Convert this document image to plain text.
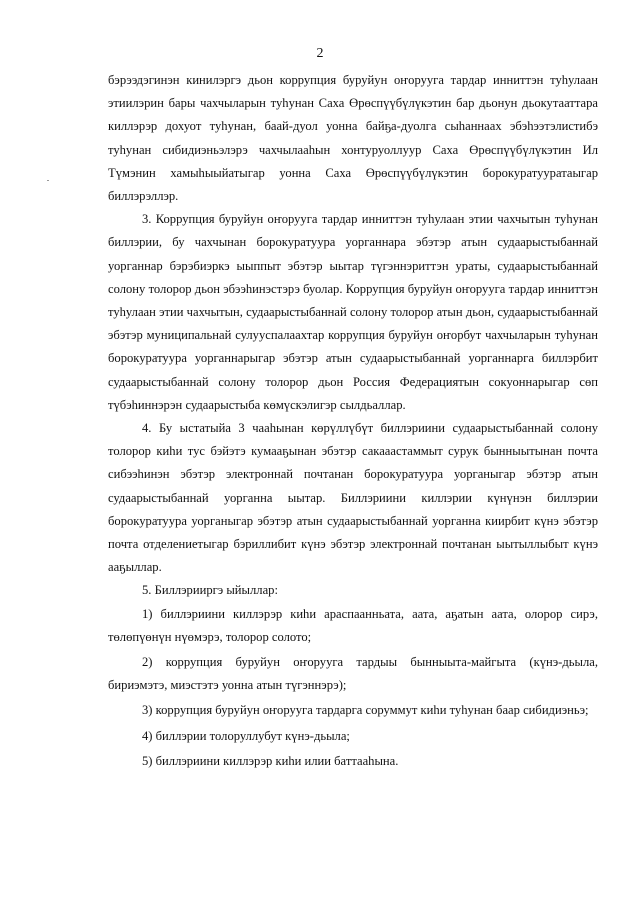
2

бэрээдэгинэн кинилэргэ дьон коррупция буруйун оҥорууга тардар инниттэн туһулаан этиилэрин бары чахчыларын туһунан Саха Өрөспүүбүлүкэтин бар дьонун дьокутааттара киллэрэр дохуот туһунан, баай-дуол уонна байҕа-дуолга сыһаннаах эбэһээтэлистибэ туһунан сибидиэньэлэрэ чахчылааһын хонтуруоллуур Саха Өрөспүүбүлүкэтин Ил Түмэнин хамыһыыйатыгар уонна Саха Өрөспүүбүлүкэтин борокуратууратаыгар биллэрэллэр.

3. Коррупция буруйун оҥорууга тардар инниттэн туһулаан этии чахчытын туһунан биллэрии, бу чахчынан борокуратуура уорганнара эбэтэр атын судаарыстыбаннай уорганнар бэрэбиэркэ ыыппыт эбэтэр ыытар түгэннэриттэн ураты, судаарыстыбаннай солону толорор дьон эбээһинэстэрэ буолар. Коррупция буруйун оҥорууга тардар инниттэн туһулаан этии чахчытын, судаарыстыбаннай солону толорор атын дьон, судаарыстыбаннай эбэтэр муниципальнай сулууспалаахтар коррупция буруйун оҥорбут чахчыларын туһунан борокуратуура уорганнарыгар эбэтэр атын судаарыстыбаннай уорганнарга биллэрбит судаарыстыбаннай солону толорор дьон Россия Федерациятын сокуоннарыгар сөп түбэһиннэрэн судаарыстыба көмүскэлигэр сылдьаллар.

4. Бу ыстатыйа 3 чааһынан көрүллүбүт биллэриини судаарыстыбаннай солону толорор киһи тус бэйэтэ кумааҕынан эбэтэр сакааастаммыт сурук бынныытынан почта сибээһинэн эбэтэр электроннай почтанан борокуратуура уорганыгар эбэтэр атын судаарыстыбаннай уорганна ыытар. Биллэриини киллэрии күнүнэн биллэрии борокуратуура уорганыгар эбэтэр атын судаарыстыбаннай уорганна киирбит күнэ эбэтэр почта отделениетыгар бэриллибит күнэ эбэтэр электроннай почтанан ыытыллыбыт күнэ ааҕыллар.

5. Биллэрииргэ ыйыллар:

1) биллэриини киллэрэр киһи араспаанньата, аата, аҕатын аата, олорор сирэ, төлөпүөнүн нүөмэрэ, толорор солото;

2) коррупция буруйун оҥорууга тардыы бынныыта-майгыта (күнэ-дьыла, бириэмэтэ, миэстэтэ уонна атын түгэннэрэ);

3) коррупция буруйун оҥорууга тардарга соруммут киһи туһунан баар сибидиэньэ;

4) биллэрии толоруллубут күнэ-дьыла;

5) биллэриини киллэрэр киһи илии баттааһына.
